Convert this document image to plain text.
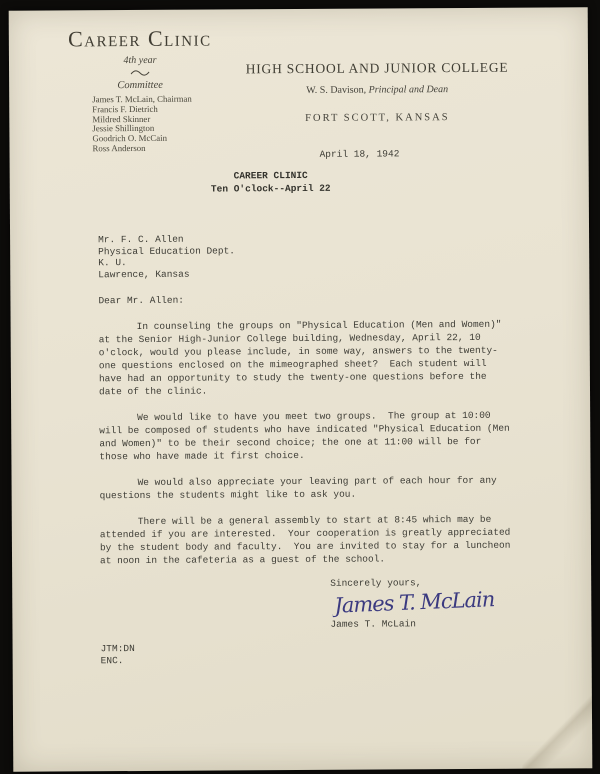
Career Clinic
4th year
Committee
James T. McLain, Chairman
Francis F. Dietrich
Mildred Skinner
Jessie Shillington
Goodrich O. McCain
Ross Anderson
HIGH SCHOOL AND JUNIOR COLLEGE
W. S. Davison, Principal and Dean
FORT SCOTT, KANSAS
April 18, 1942
CAREER CLINIC
Ten O'clock--April 22
Mr. F. C. Allen
Physical Education Dept.
K. U.
Lawrence, Kansas
Dear Mr. Allen:

In counseling the groups on "Physical Education (Men and Women)" at the Senior High-Junior College building, Wednesday, April 22, 10 o'clock, would you please include, in some way, answers to the twenty-one questions enclosed on the mimeographed sheet?  Each student will have had an opportunity to study the twenty-one questions before the date of the clinic.

We would like to have you meet two groups.  The group at 10:00 will be composed of students who have indicated "Physical Education (Men and Women)" to be their second choice; the one at 11:00 will be for those who have made it first choice.

We would also appreciate your leaving part of each hour for any questions the students might like to ask you.

There will be a general assembly to start at 8:45 which may be attended if you are interested.  Your cooperation is greatly appreciated by the student body and faculty.  You are invited to stay for a luncheon at noon in the cafeteria as a guest of the school.

Sincerely yours,
James T. McLain
James T. McLain
JTM:DN
ENC.
